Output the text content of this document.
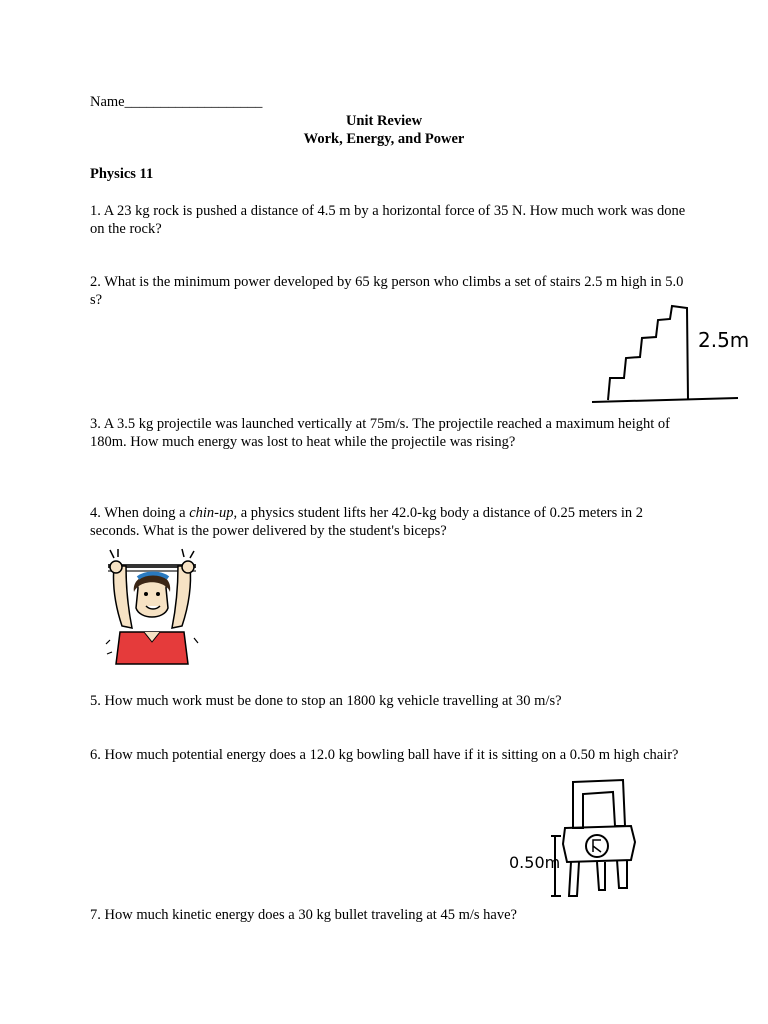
Name___________________
Unit Review
Work, Energy, and Power
Physics 11
1. A 23 kg rock is pushed a distance of 4.5 m by a horizontal force of 35 N. How much work was done on the rock?
2. What is the minimum power developed by 65 kg person who climbs a set of stairs 2.5 m high in 5.0 s?
3. A 3.5 kg projectile was launched vertically at 75m/s. The projectile reached a maximum height of 180m. How much energy was lost to heat while the projectile was rising?
4. When doing a chin-up, a physics student lifts her 42.0-kg body a distance of 0.25 meters in 2 seconds. What is the power delivered by the student's biceps?
5. How much work must be done to stop an 1800 kg vehicle travelling at 30 m/s?
6. How much potential energy does a 12.0 kg bowling ball have if it is sitting on a 0.50 m high chair?
7. How much kinetic energy does a 30 kg bullet traveling at 45 m/s have?
2.5m
0.50m
